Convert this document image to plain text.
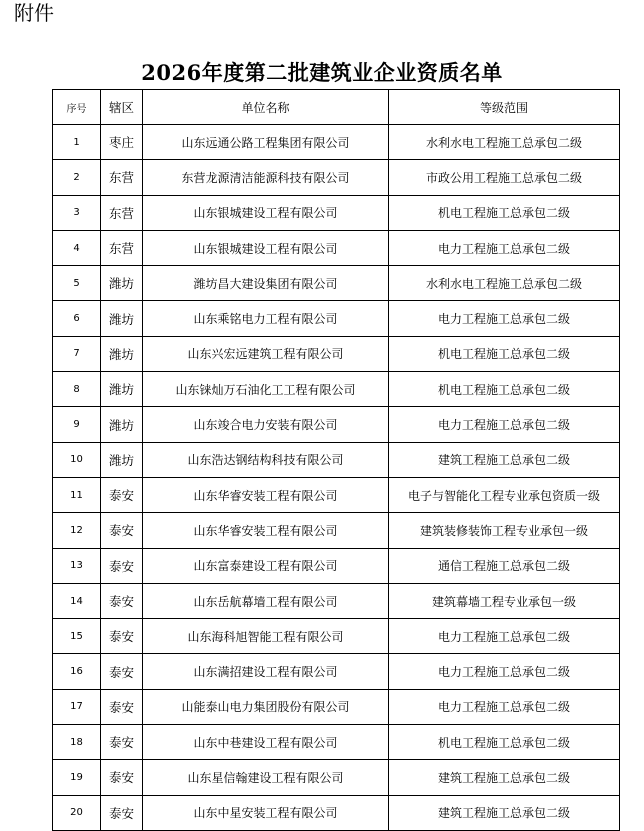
附件
2026年度第二批建筑业企业资质名单
序号	辖区	单位名称	等级范围
1	枣庄	山东远通公路工程集团有限公司	水利水电工程施工总承包二级
2	东营	东营龙源清洁能源科技有限公司	市政公用工程施工总承包二级
3	东营	山东银城建设工程有限公司	机电工程施工总承包二级
4	东营	山东银城建设工程有限公司	电力工程施工总承包二级
5	潍坊	潍坊昌大建设集团有限公司	水利水电工程施工总承包二级
6	潍坊	山东乘铭电力工程有限公司	电力工程施工总承包二级
7	潍坊	山东兴宏远建筑工程有限公司	机电工程施工总承包二级
8	潍坊	山东铼灿万石油化工工程有限公司	机电工程施工总承包二级
9	潍坊	山东竣合电力安装有限公司	电力工程施工总承包二级
10	潍坊	山东浩达钢结构科技有限公司	建筑工程施工总承包二级
11	泰安	山东华睿安装工程有限公司	电子与智能化工程专业承包资质一级
12	泰安	山东华睿安装工程有限公司	建筑装修装饰工程专业承包一级
13	泰安	山东富泰建设工程有限公司	通信工程施工总承包二级
14	泰安	山东岳航幕墙工程有限公司	建筑幕墙工程专业承包一级
15	泰安	山东海科旭智能工程有限公司	电力工程施工总承包二级
16	泰安	山东满招建设工程有限公司	电力工程施工总承包二级
17	泰安	山能泰山电力集团股份有限公司	电力工程施工总承包二级
18	泰安	山东中巷建设工程有限公司	机电工程施工总承包二级
19	泰安	山东星信翰建设工程有限公司	建筑工程施工总承包二级
20	泰安	山东中星安装工程有限公司	建筑工程施工总承包二级
